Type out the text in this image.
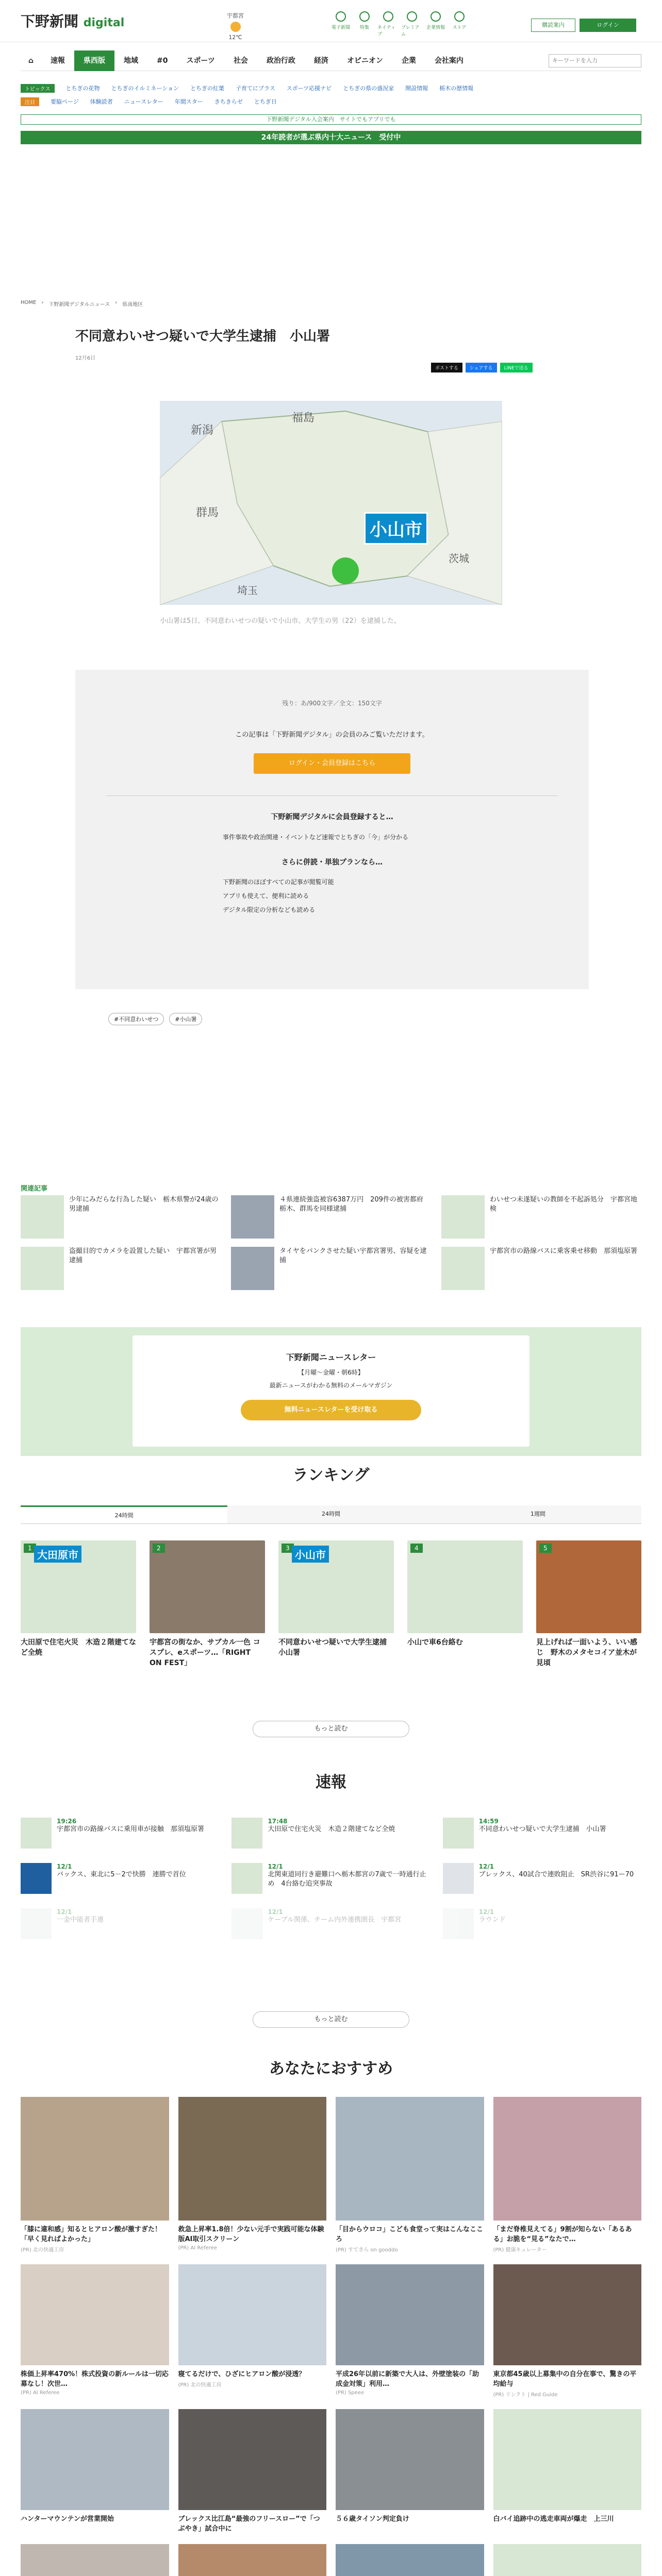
下野新聞 digital
宇都宮
12℃
電子新聞 特集 ネイティブ
プレミアム
企業情報 ストア	購読案内	ログイン
⌂	速報	県西版	地域	#0	スポーツ	社会	政治行政	経済	オピニオン	企業	会社案内
キーワードを入力
トピックス	とちぎの花物 とちぎのイルミネーション とちぎの紅葉 子育てにプラス スポーツ応援ナビ とちぎの県の盛況家 開設情報 栃木の歴情報
注目	要脇ページ 体験読者 ニュースレター 年間スター きちきらゼ とちぎ日
下野新聞デジタル入会案内　サイトでもアプリでも
24年読者が選ぶ県内十大ニュース　受付中
HOME › 下野新聞デジタルニュース › 県南地区
不同意わいせつ疑いで大学生逮捕　小山署
12月6日
ポストする	シェアする	LINEで送る
新潟
福島
群馬
茨城
埼玉
小山市
小山署は5日、不同意わいせつの疑いで小山市、大学生の男（22）を逮捕した。
残り：あ/900文字／全文：150文字
この記事は「下野新聞デジタル」の会員のみご覧いただけます。
ログイン・会員登録はこちら
下野新聞デジタルに会員登録すると…
事件事故や政治関連・イベントなど速報でとちぎの「今」が分かる
さらに併読・単独プランなら…
下野新聞のほぼすべての記事が閲覧可能
アプリも使えて、便利に読める
デジタル限定の分析なども読める
#不同意わいせつ	#小山署
関連記事
少年にみだらな行為した疑い　栃木県警が24歳の男逮捕
４県連続強盗被容6387万円　209件の被害都府　栃木、群馬を同様逮捕
わいせつ未遂疑いの教師を不起訴処分　宇都宮地検
盗撮目的でカメラを設置した疑い　宇都宮署が男逮捕
タイヤをパンクさせた疑い宇都宮署男、容疑を逮捕
宇都宮市の路線バスに乗客乗せ移動　那須塩原署
下野新聞ニュースレター
【月曜～金曜・朝6時】
最新ニュースがわかる無料のメールマガジン
無料ニュースレターを受け取る
ランキング
24時間	24時間	1週間
1
大田原市
大田原で住宅火災　木造２階建てなど全焼
2
宇都宮の街なか、サブカル一色 コスプレ、eスポーツ…「RIGHT ON FEST」
3
小山市
不同意わいせつ疑いで大学生逮捕　小山署
4
小山で車6台絡む
5
見上げれば一面いよう、いい感じ　野木のメタセコイア並木が見頃
もっと読む
速報
19:26
宇都宮市の路線バスに乗用車が接触　那須塩原署
17:48
大田原で住宅火災　木造２階建てなど全焼
14:59
不同意わいせつ疑いで大学生逮捕　小山署
12/1
バックス、東北に5－2で快勝　連勝で首位
12/1
北関東道同行き避難口へ栃木都宮の7歳で一時通行止め　4台絡む追突事故
12/1
ブレックス、40試合で連敗阻止　SR渋谷に91ー70
12/1
一金中能者手連
12/1
ケーブル関係、チーム内外連携圏長　宇都宮
12/1
ラウンド
もっと読む
あなたにおすすめ
「膝に違和感」知るとヒアロン酸が激すぎた！「早く見ればよかった」
(PR) 北の快適工房
救急上昇率1.8倍！少ない元手で実践可能な体験版AI取引スクリーン
(PR) AI Referee
「目からウロコ」こども食堂って実はこんなこころ
(PR) すてきら on gooddo
「まだ脊椎見えてる」9割が知らない「あるある」お脆を“見る”なたで…
(PR) 健康キュレーター
株価上昇率470%！株式投資の新ルールは一切応募なし！次世…
(PR) AI Referee
寝てるだけで、ひざにヒアロン酸が浸透？
(PR) 北の快適工房
平成26年以前に新築で大人は、外壁塗装の「助成金対策」利用…
(PR) Speee
東京都45歳以上募集中の自分在事で、驚きの平均給与
(PR) リンクト | Red Guide
ハンターマウンテンが営業開始	ブレックス比江島“最強のフリースロー”で「つぶやき」試合中に
５６歳タイソン判定負け	白バイ追跡中の逃走車両が爆走　上三川
